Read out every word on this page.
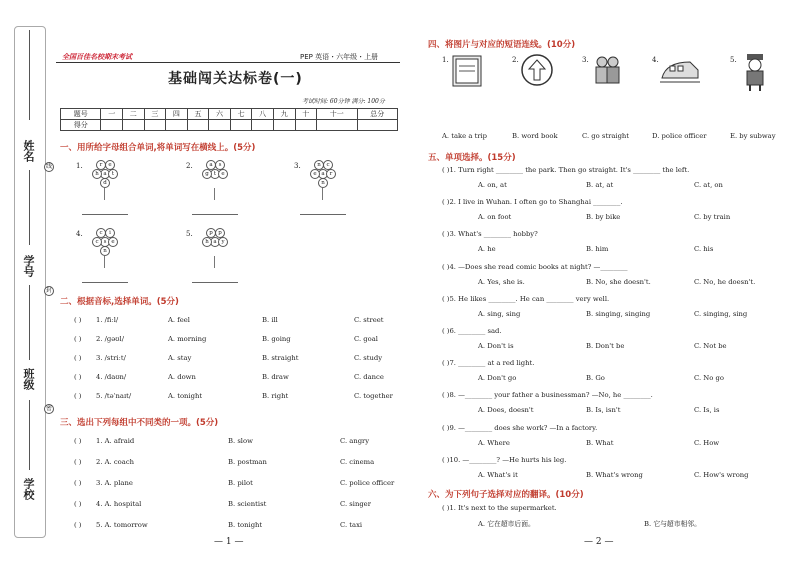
姓名
学号
班级
学校
线
封
密
全国百佳名校期末考试	PEP 英语・六年级・上册
基础闯关达标卷(一)
考试时间: 60分钟 满分: 100分
题号	一	二	三	四	五	六	七	八	九	十	十一	总分
得分												
一、用所给字母组合单词,将单词写在横线上。(5分)
1.	r	e
a
h	t
d
2.	a	s
t
g	e
3.	n	c
a
e	r
n
4.	c	i
s
c	e
n
5.	p p
a
h	y
二、根据音标,选择单词。(5分)
( ) 1. /fiːl/	A. feel	B. ill	C. street
( ) 2. /ɡəʊl/	A. morning	B. going	C. goal
( ) 3. /striːt/	A. stay	B. straight	C. study
( ) 4. /daʊn/	A. down	B. draw	C. dance
( ) 5. /təˈnaɪt/	A. tonight	B. right	C. together
三、选出下列每组中不同类的一项。(5分)
( ) 1. A. afraid	B. slow	C. angry
( ) 2. A. coach	B. postman	C. cinema
( ) 3. A. plane	B. pilot	C. police officer
( ) 4. A. hospital	B. scientist	C. singer
( ) 5. A. tomorrow	B. tonight	C. taxi
— 1 —
四、将图片与对应的短语连线。(10分)
1.	2.	3.	4.	5.
A. take a trip	B. word book	C. go straight	D. police officer	E. by subway
五、单项选择。(15分)
( )1. Turn right ________ the park. Then go straight. It's ________ the left.
A. on, at	B. at, at	C. at, on
( )2. I live in Wuhan. I often go to Shanghai ________.
A. on foot	B. by bike	C. by train
( )3. What's ________ hobby?
A. he	B. him	C. his
( )4. —Does she read comic books at night? —________
A. Yes, she is.	B. No, she doesn't.	C. No, he doesn't.
( )5. He likes ________. He can ________ very well.
A. sing, sing	B. singing, singing	C. singing, sing
( )6. ________ sad.
A. Don't is	B. Don't be	C. Not be
( )7. ________ at a red light.
A. Don't go	B. Go	C. No go
( )8. —________ your father a businessman? —No, he ________.
A. Does, doesn't	B. Is, isn't	C. Is, is
( )9. —________ does she work? —In a factory.
A. Where	B. What	C. How
( )10. —________? —He hurts his leg.
A. What's it	B. What's wrong	C. How's wrong
六、为下列句子选择对应的翻译。(10分)
( )1. It's next to the supermarket.
A. 它在超市后面。	B. 它与超市相邻。
— 2 —
